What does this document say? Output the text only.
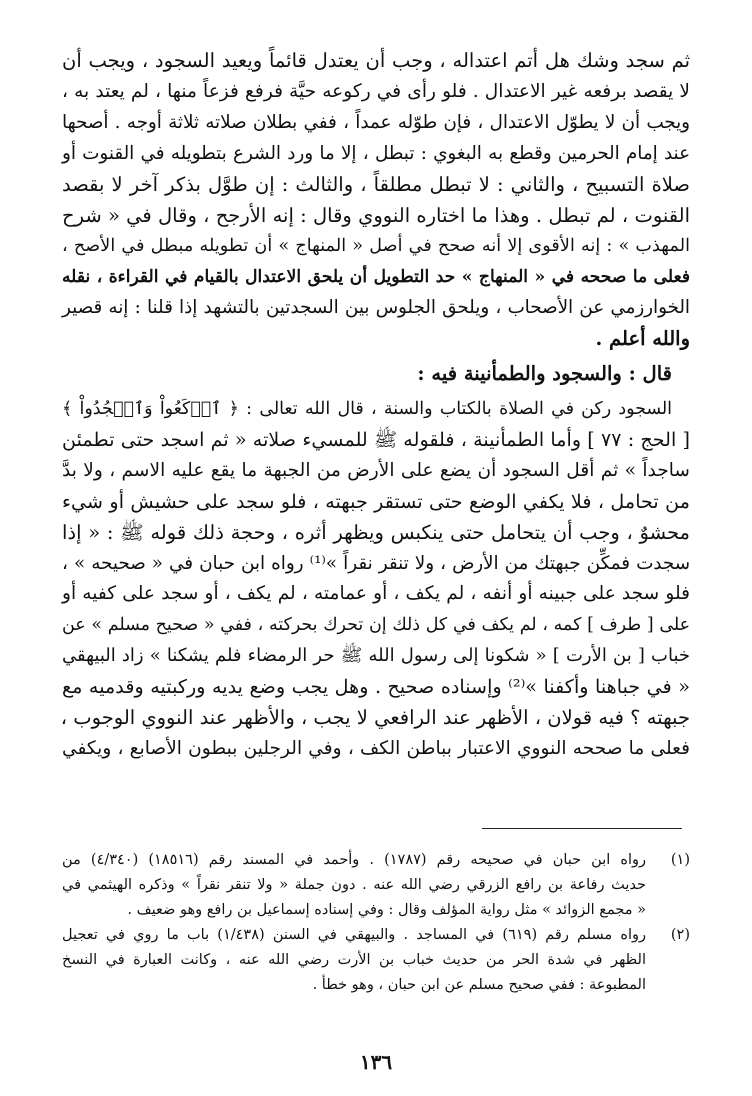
ثم سجد وشك هل أتم اعتداله ، وجب أن يعتدل قائماً ويعيد السجود ، ويجب أن
لا يقصد برفعه غير الاعتدال . فلو رأى في ركوعه حيَّة فرفع فزعاً منها ، لم يعتد به ،
ويجب أن لا يطوّل الاعتدال ، فإن طوّله عمداً ، ففي بطلان صلاته ثلاثة أوجه . أصحها
عند إمام الحرمين وقطع به البغوي : تبطل ، إلا ما ورد الشرع بتطويله في القنوت أو
صلاة التسبيح ، والثاني : لا تبطل مطلقاً ، والثالث : إن طوَّل بذكر آخر لا بقصد
القنوت ، لم تبطل . وهذا ما اختاره النووي وقال : إنه الأرجح ، وقال في « شرح
المهذب » : إنه الأقوى إلا أنه صحح في أصل « المنهاج » أن تطويله مبطل في الأصح ،
فعلى ما صححه في « المنهاج » حد التطويل أن يلحق الاعتدال بالقيام في القراءة ، نقله
الخوارزمي عن الأصحاب ، ويلحق الجلوس بين السجدتين بالتشهد إذا قلنا : إنه قصير
والله أعلم .
قال : والسجود والطمأنينة فيه :
السجود ركن في الصلاة بالكتاب والسنة ، قال الله تعالى : ﴿ ٱرۡكَعُواْ وَٱسۡجُدُواْ ﴾
[ الحج : ٧٧ ] وأما الطمأنينة ، فلقوله ﷺ للمسيء صلاته « ثم اسجد حتى تطمئن
ساجداً » ثم أقل السجود أن يضع على الأرض من الجبهة ما يقع عليه الاسم ، ولا بدَّ
من تحامل ، فلا يكفي الوضع حتى تستقر جبهته ، فلو سجد على حشيش أو شيء
محشوٌ ، وجب أن يتحامل حتى ينكبس ويظهر أثره ، وحجة ذلك قوله ﷺ : « إذا
سجدت فمكِّن جبهتك من الأرض ، ولا تنقر نقراً »⁽¹⁾ رواه ابن حبان في « صحيحه » ،
فلو سجد على جبينه أو أنفه ، لم يكف ، أو عمامته ، لم يكف ، أو سجد على كفيه أو
على [ طرف ] كمه ، لم يكف في كل ذلك إن تحرك بحركته ، ففي « صحيح مسلم » عن
خباب [ بن الأرت ] « شكونا إلى رسول الله ﷺ حر الرمضاء فلم يشكنا » زاد البيهقي
« في جباهنا وأكفنا »⁽²⁾ وإسناده صحيح . وهل يجب وضع يديه وركبتيه وقدميه مع
جبهته ؟ فيه قولان ، الأظهر عند الرافعي لا يجب ، والأظهر عند النووي الوجوب ،
فعلى ما صححه النووي الاعتبار بباطن الكف ، وفي الرجلين ببطون الأصابع ، ويكفي
(١)
رواه ابن حبان في صحيحه رقم (١٧٨٧) . وأحمد في المسند رقم (١٨٥١٦) (٤/٣٤٠) من
حديث رفاعة بن رافع الزرقي رضي الله عنه . دون جملة « ولا تنقر نقراً » وذكره الهيثمي في
« مجمع الزوائد » مثل رواية المؤلف وقال : وفي إسناده إسماعيل بن رافع وهو ضعيف .
(٢)
رواه مسلم رقم (٦١٩) في المساجد . والبيهقي في السنن (١/٤٣٨) باب ما روي في تعجيل
الظهر في شدة الحر من حديث خباب بن الأرت رضي الله عنه ، وكانت العبارة في النسخ
المطبوعة : ففي صحيح مسلم عن ابن حبان ، وهو خطأ .
١٣٦
